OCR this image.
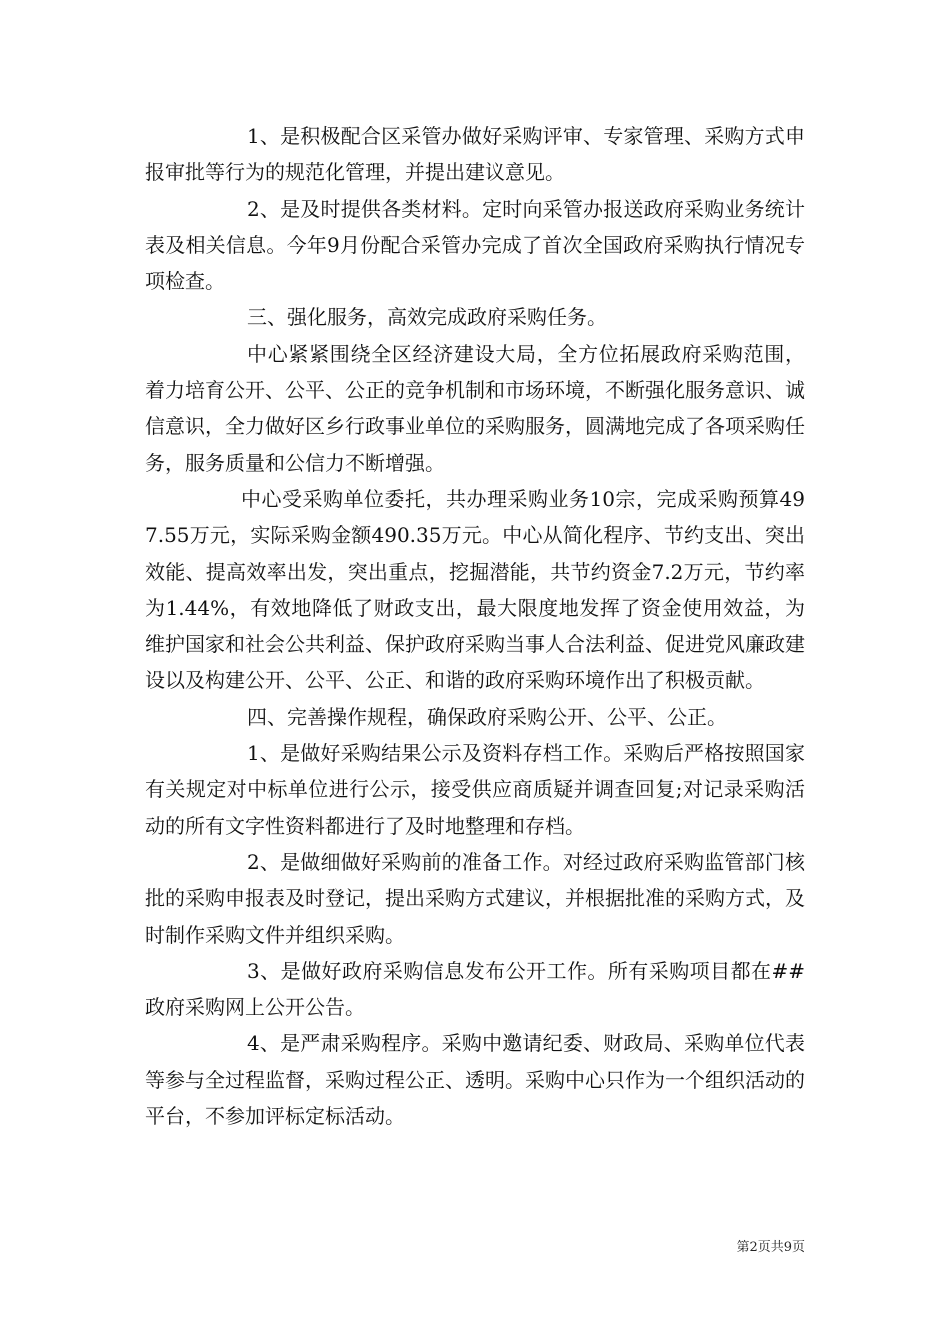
1、是积极配合区采管办做好采购评审、专家管理、采购方式申报审批等行为的规范化管理，并提出建议意见。

2、是及时提供各类材料。定时向采管办报送政府采购业务统计表及相关信息。今年9月份配合采管办完成了首次全国政府采购执行情况专项检查。

三、强化服务，高效完成政府采购任务。

中心紧紧围绕全区经济建设大局，全方位拓展政府采购范围，着力培育公开、公平、公正的竞争机制和市场环境，不断强化服务意识、诚信意识，全力做好区乡行政事业单位的采购服务，圆满地完成了各项采购任务，服务质量和公信力不断增强。

中心受采购单位委托，共办理采购业务10宗，完成采购预算497.55万元，实际采购金额490.35万元。中心从简化程序、节约支出、突出效能、提高效率出发，突出重点，挖掘潜能，共节约资金7.2万元，节约率为1.44%，有效地降低了财政支出，最大限度地发挥了资金使用效益，为维护国家和社会公共利益、保护政府采购当事人合法利益、促进党风廉政建设以及构建公开、公平、公正、和谐的政府采购环境作出了积极贡献。

四、完善操作规程，确保政府采购公开、公平、公正。

1、是做好采购结果公示及资料存档工作。采购后严格按照国家有关规定对中标单位进行公示，接受供应商质疑并调查回复;对记录采购活动的所有文字性资料都进行了及时地整理和存档。

2、是做细做好采购前的准备工作。对经过政府采购监管部门核批的采购申报表及时登记，提出采购方式建议，并根据批准的采购方式，及时制作采购文件并组织采购。

3、是做好政府采购信息发布公开工作。所有采购项目都在##政府采购网上公开公告。

4、是严肃采购程序。采购中邀请纪委、财政局、采购单位代表等参与全过程监督，采购过程公正、透明。采购中心只作为一个组织活动的平台，不参加评标定标活动。

第2页共9页
